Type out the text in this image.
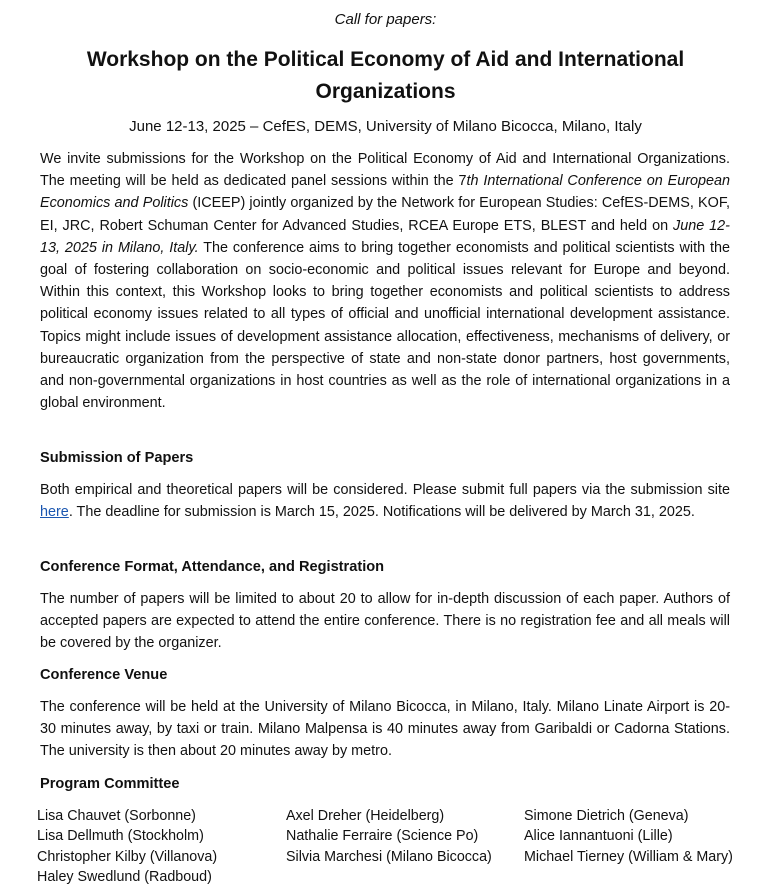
Call for papers:
Workshop on the Political Economy of Aid and International Organizations
June 12-13, 2025 – CefES, DEMS, University of Milano Bicocca, Milano, Italy

We invite submissions for the Workshop on the Political Economy of Aid and International Organizations. The meeting will be held as dedicated panel sessions within the 7th International Conference on European Economics and Politics (ICEEP) jointly organized by the Network for European Studies: CefES-DEMS, KOF, EI, JRC, Robert Schuman Center for Advanced Studies, RCEA Europe ETS, BLEST and held on June 12-13, 2025 in Milano, Italy. The conference aims to bring together economists and political scientists with the goal of fostering collaboration on socio-economic and political issues relevant for Europe and beyond. Within this context, this Workshop looks to bring together economists and political scientists to address political economy issues related to all types of official and unofficial international development assistance. Topics might include issues of development assistance allocation, effectiveness, mechanisms of delivery, or bureaucratic organization from the perspective of state and non-state donor partners, host governments, and non-governmental organizations in host countries as well as the role of international organizations in a global environment.

Submission of Papers

Both empirical and theoretical papers will be considered. Please submit full papers via the submission site here. The deadline for submission is March 15, 2025. Notifications will be delivered by March 31, 2025.

Conference Format, Attendance, and Registration

The number of papers will be limited to about 20 to allow for in-depth discussion of each paper. Authors of accepted papers are expected to attend the entire conference. There is no registration fee and all meals will be covered by the organizer.

Conference Venue

The conference will be held at the University of Milano Bicocca, in Milano, Italy. Milano Linate Airport is 20-30 minutes away, by taxi or train. Milano Malpensa is 40 minutes away from Garibaldi or Cadorna Stations. The university is then about 20 minutes away by metro.

Program Committee
Lisa Chauvet (Sorbonne)	Axel Dreher (Heidelberg)	Simone Dietrich (Geneva)
Lisa Dellmuth (Stockholm)	Nathalie Ferraire (Science Po)	Alice Iannantuoni (Lille)
Christopher Kilby (Villanova)	Silvia Marchesi (Milano Bicocca)	Michael Tierney (William & Mary)
Haley Swedlund (Radboud)
